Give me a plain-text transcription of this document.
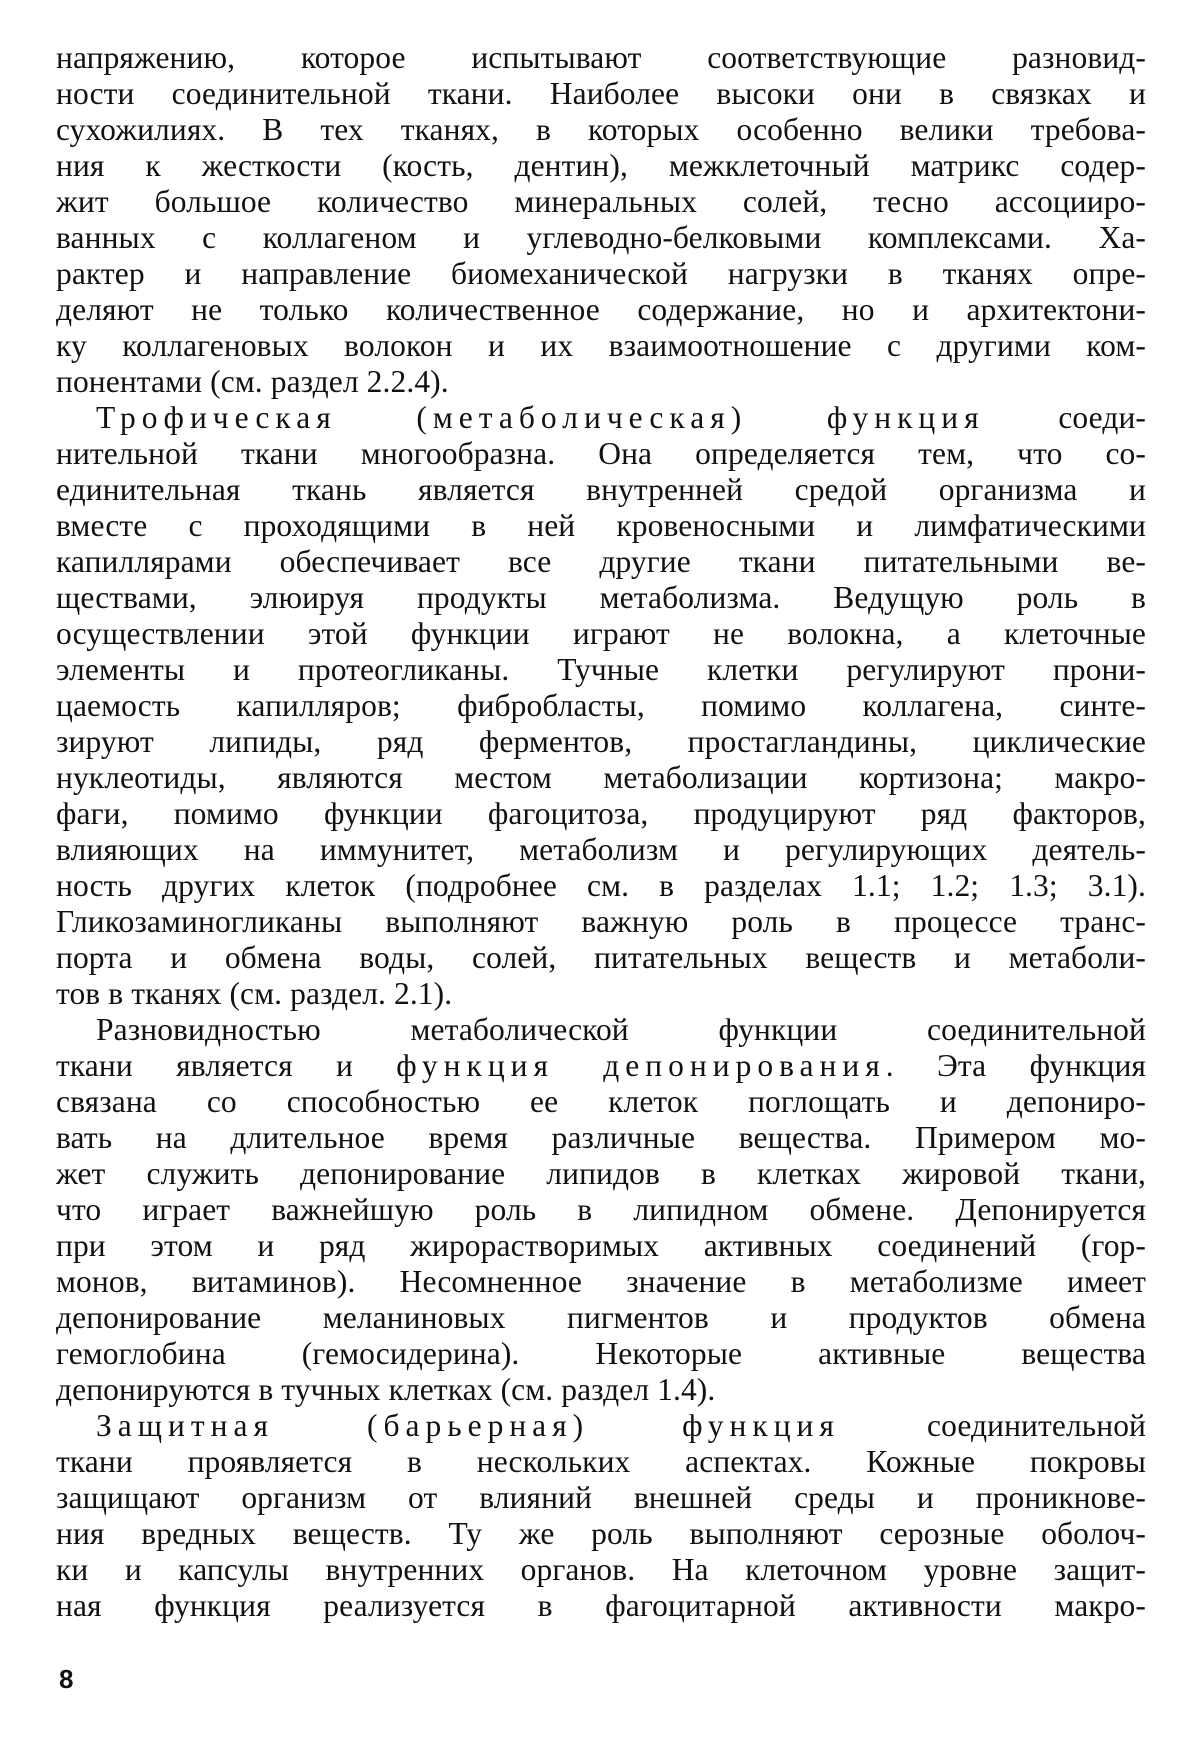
напряжению, которое испытывают соответствующие разновид-
ности соединительной ткани. Наиболее высоки они в связках и
сухожилиях. В тех тканях, в которых особенно велики требова-
ния к жесткости (кость, дентин), межклеточный матрикс содер-
жит большое количество минеральных солей, тесно ассоцииро-
ванных с коллагеном и углеводно-белковыми комплексами. Ха-
рактер и направление биомеханической нагрузки в тканях опре-
деляют не только количественное содержание, но и архитектони-
ку коллагеновых волокон и их взаимоотношение с другими ком-
понентами (см. раздел 2.2.4).
Трофическая (метаболическая) функция соеди-
нительной ткани многообразна. Она определяется тем, что со-
единительная ткань является внутренней средой организма и
вместе с проходящими в ней кровеносными и лимфатическими
капиллярами обеспечивает все другие ткани питательными ве-
ществами, элюируя продукты метаболизма. Ведущую роль в
осуществлении этой функции играют не волокна, а клеточные
элементы и протеогликаны. Тучные клетки регулируют прони-
цаемость капилляров; фибробласты, помимо коллагена, синте-
зируют липиды, ряд ферментов, простагландины, циклические
нуклеотиды, являются местом метаболизации кортизона; макро-
фаги, помимо функции фагоцитоза, продуцируют ряд факторов,
влияющих на иммунитет, метаболизм и регулирующих деятель-
ность других клеток (подробнее см. в разделах 1.1; 1.2; 1.3; 3.1).
Гликозаминогликаны выполняют важную роль в процессе транс-
порта и обмена воды, солей, питательных веществ и метаболи-
тов в тканях (см. раздел. 2.1).
Разновидностью метаболической функции соединительной
ткани является и функция депонирования. Эта функция
связана со способностью ее клеток поглощать и депониро-
вать на длительное время различные вещества. Примером мо-
жет служить депонирование липидов в клетках жировой ткани,
что играет важнейшую роль в липидном обмене. Депонируется
при этом и ряд жирорастворимых активных соединений (гор-
монов, витаминов). Несомненное значение в метаболизме имеет
депонирование меланиновых пигментов и продуктов обмена
гемоглобина (гемосидерина). Некоторые активные вещества
депонируются в тучных клетках (см. раздел 1.4).
Защитная (барьерная) функция соединительной
ткани проявляется в нескольких аспектах. Кожные покровы
защищают организм от влияний внешней среды и проникнове-
ния вредных веществ. Ту же роль выполняют серозные оболоч-
ки и капсулы внутренних органов. На клеточном уровне защит-
ная функция реализуется в фагоцитарной активности макро-
8
